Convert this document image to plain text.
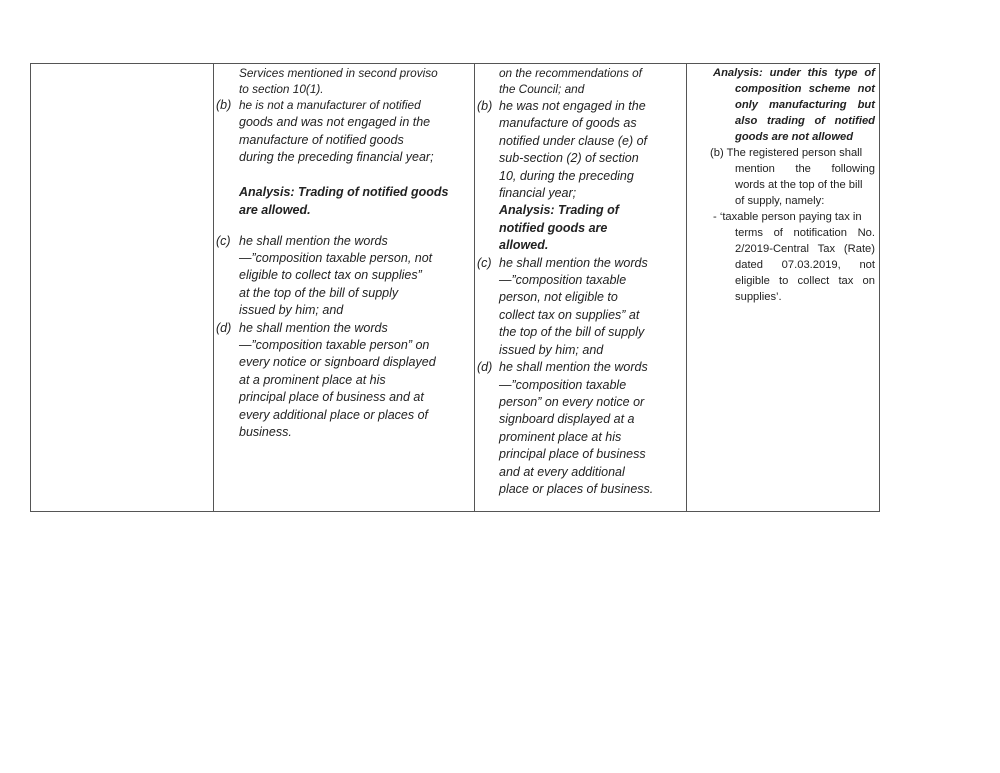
Services mentioned in second proviso
to section 10(1).
(b) he is not a manufacturer of notified
goods and was not engaged in the
manufacture of notified goods
during the preceding financial year;
Analysis: Trading of notified goods
are allowed.
(c) he shall mention the words
—”composition taxable person, not
eligible to collect tax on supplies”
at the top of the bill of supply
issued by him; and
(d) he shall mention the words
—”composition taxable person” on
every notice or signboard displayed
at a prominent place at his
principal place of business and at
every additional place or places of
business.
on the recommendations of
the Council; and
(b) he was not engaged in the
manufacture of goods as
notified under clause (e) of
sub-section (2) of section
10, during the preceding
financial year;
Analysis: Trading of
notified goods are
allowed.
(c) he shall mention the words
—”composition taxable
person, not eligible to
collect tax on supplies” at
the top of the bill of supply
issued by him; and
(d) he shall mention the words
—”composition taxable
person” on every notice or
signboard displayed at a
prominent place at his
principal place of business
and at every additional
place or places of business.
Analysis: under this type of
composition scheme not
only manufacturing but
also trading of notified
goods are not allowed
(b) The registered person shall
mention the following
words at the top of the bill
of supply, namely:
- ‘taxable person paying tax in
terms of notification No.
2/2019-Central Tax (Rate)
dated 07.03.2019, not
eligible to collect tax on
supplies’.
